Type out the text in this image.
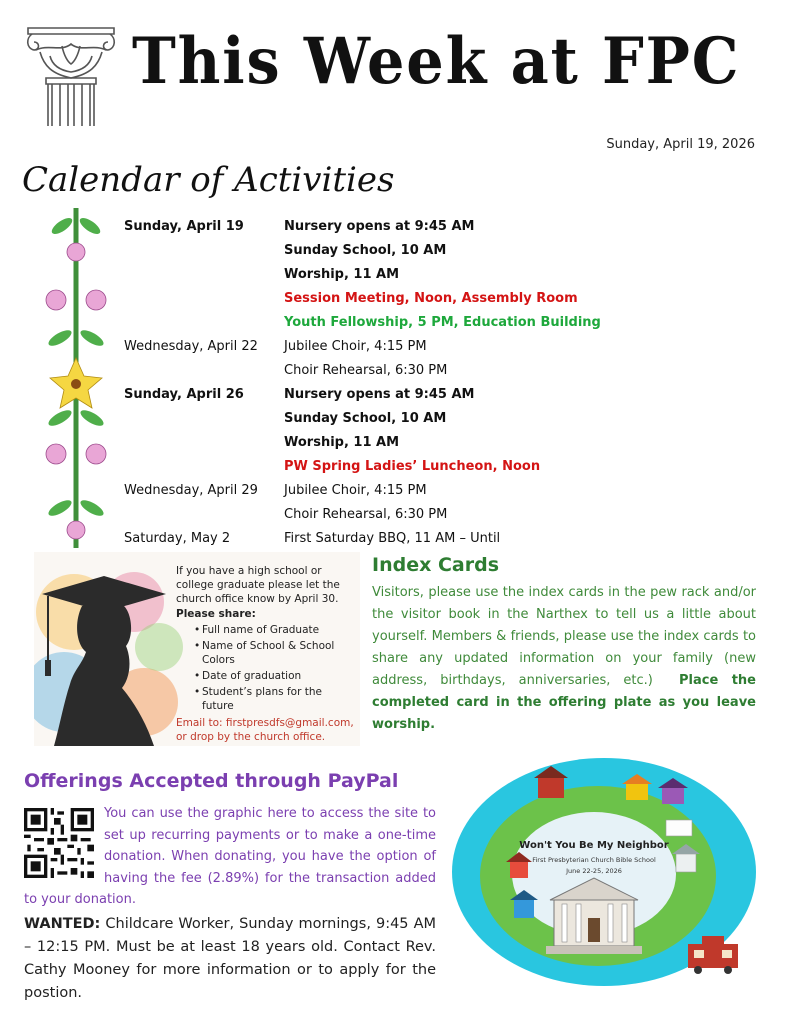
This Week at FPC
Sunday, April 19, 2026
Calendar of Activities
Sunday, April 19	Nursery opens at 9:45 AM
Sunday School, 10 AM
Worship, 11 AM
Session Meeting, Noon, Assembly Room
Youth Fellowship, 5 PM, Education Building
Wednesday, April 22	Jubilee Choir, 4:15 PM
Choir Rehearsal, 6:30 PM
Sunday, April 26	Nursery opens at 9:45 AM
Sunday School, 10 AM
Worship, 11 AM
PW Spring Ladies’ Luncheon, Noon
Wednesday, April 29	Jubilee Choir, 4:15 PM
Choir Rehearsal, 6:30 PM
Saturday, May 2	First Saturday BBQ, 11 AM – Until
If you have a high school or college graduate please let the church office know by April 30.
Please share:
• Full name of Graduate
• Name of School & School Colors
• Date of graduation
• Student’s plans for the future
Email to: firstpresdfs@gmail.com, or drop by the church office.
Index Cards
Visitors, please use the index cards in the pew rack and/or the visitor book in the Narthex to tell us a little about yourself. Members & friends, please use the index cards to share any updated information on your family (new address, birthdays, anniversaries, etc.) Place the completed card in the offering plate as you leave worship.
Offerings Accepted through PayPal
You can use the graphic here to access the site to set up recurring payments or to make a one-time donation. When donating, you have the option of having the fee (2.89%) for the transaction added to your donation.
WANTED: Childcare Worker, Sunday mornings, 9:45 AM – 12:15 PM. Must be at least 18 years old. Contact Rev. Cathy Mooney for more information or to apply for the postion.
Won't You Be My Neighbor
First Presbyterian Church Bible School
June 22-25, 2026
